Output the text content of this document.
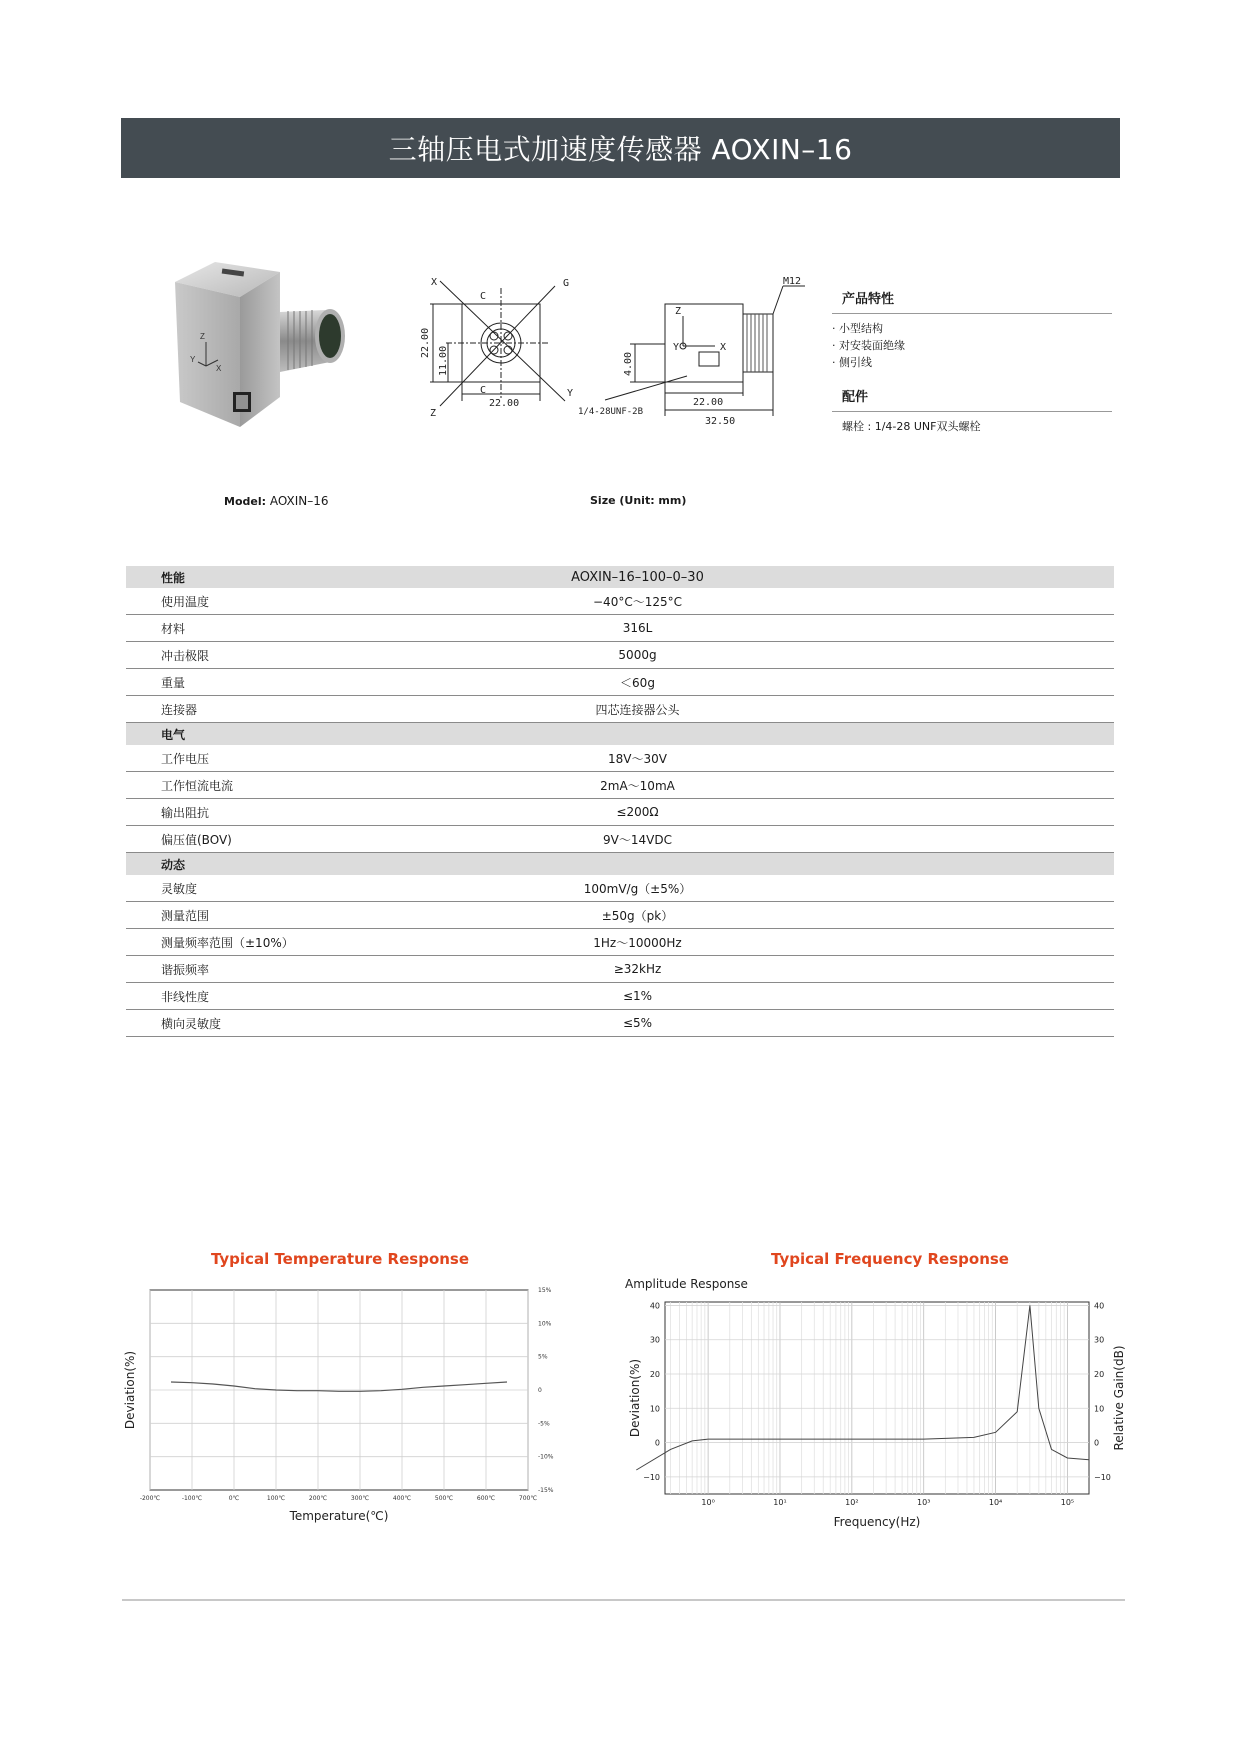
三轴压电式加速度传感器 AOXIN–16
Z
Y
X
X	G
C
C	Y
Z
22.00
11.00
22.00
M12
Z
Y	X
4.00
1/4-28UNF-2B
22.00
32.50
产品特性
· 小型结构
· 对安装面绝缘
· 侧引线
配件
螺栓 : 1/4-28 UNF双头螺栓
Model: AOXIN–16	Size (Unit: mm)
性能	AOXIN–16–100–0–30
使用温度	−40°C～125°C
材料	316L
冲击极限	5000g
重量	＜60g
连接器	四芯连接器公头
电气	
工作电压	18V～30V
工作恒流电流	2mA～10mA
输出阻抗	≤200Ω
偏压值(BOV)	9V～14VDC
动态	
灵敏度	100mV/g（±5%）
测量范围	±50g（pk）
测量频率范围（±10%）	1Hz～10000Hz
谐振频率	≥32kHz
非线性度	≤1%
横向灵敏度	≤5%
Typical Temperature Response
-200℃	-100℃	0℃	100℃	200℃	300℃	400℃	500℃	600℃	700℃
15%
10%
5%
0
-5%
-10%
-15%
Temperature(℃)
Deviation(%)
Typical Frequency Response
Amplitude Response
40
30
20
10
0
−10
40
30
20
10
0
−10
10⁰	10¹	10²	10³	10⁴	10⁵
Frequency(Hz)
Deviation(%)	Relative Gain(dB)
